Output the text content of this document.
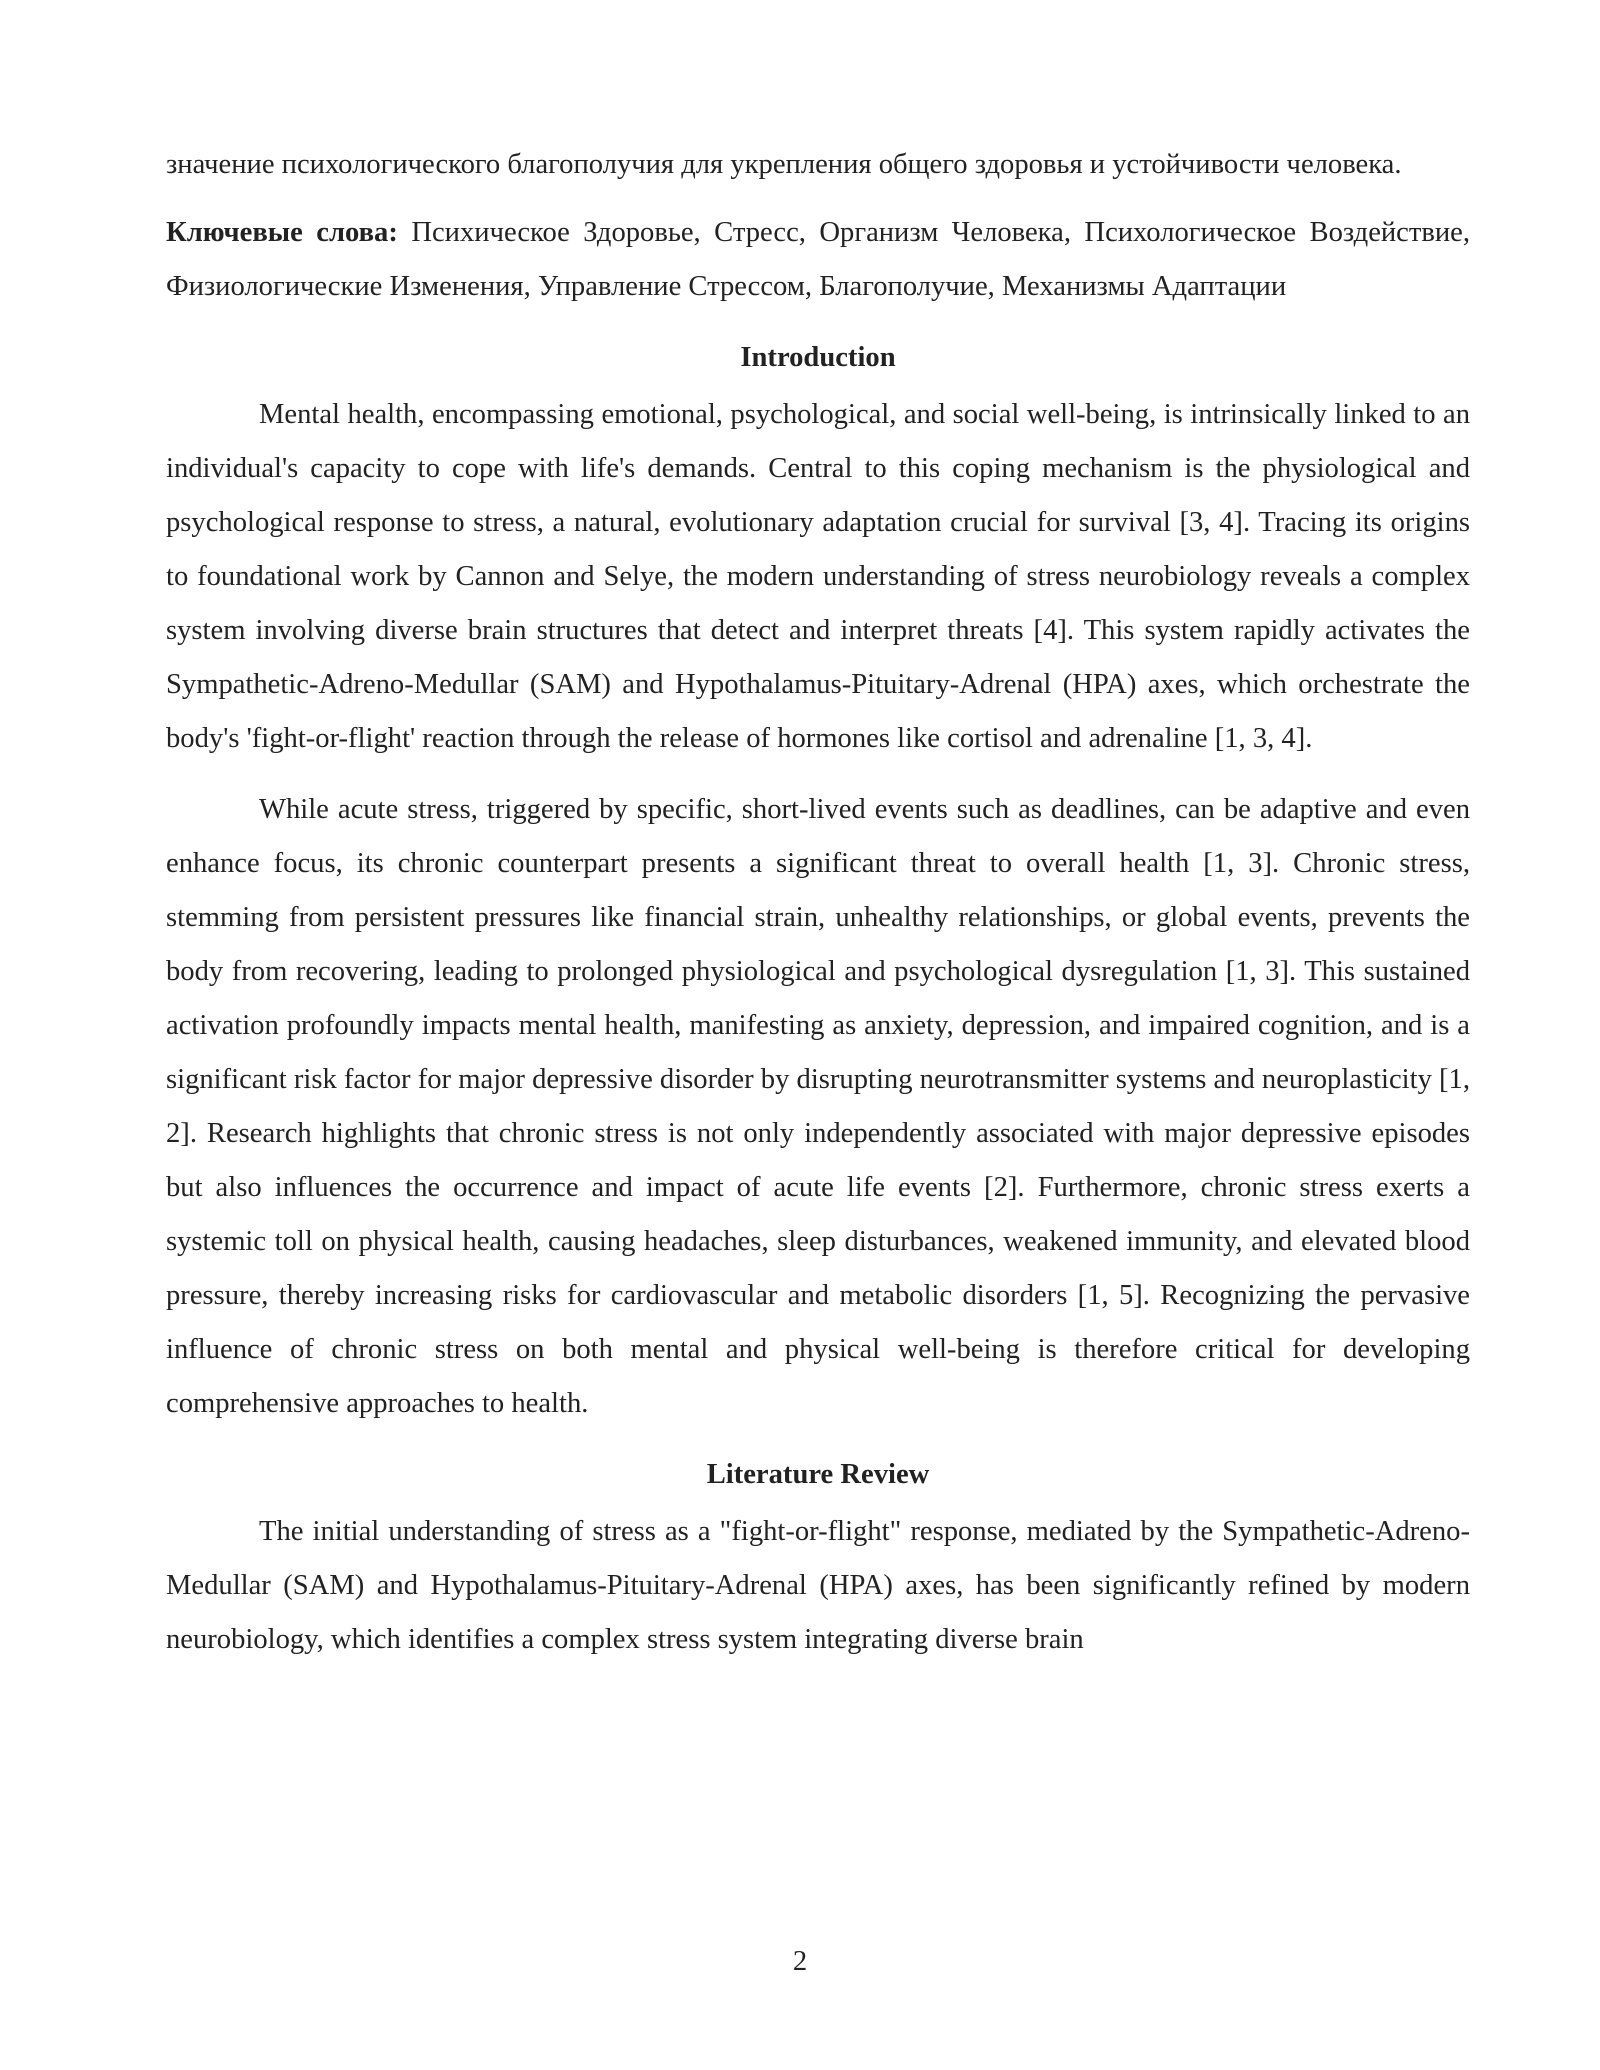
значение психологического благополучия для укрепления общего здоровья и устойчивости человека.

Ключевые слова: Психическое Здоровье, Стресс, Организм Человека, Психологическое Воздействие, Физиологические Изменения, Управление Стрессом, Благополучие, Механизмы Адаптации

Introduction

Mental health, encompassing emotional, psychological, and social well-being, is intrinsically linked to an individual's capacity to cope with life's demands. Central to this coping mechanism is the physiological and psychological response to stress, a natural, evolutionary adaptation crucial for survival [3, 4]. Tracing its origins to foundational work by Cannon and Selye, the modern understanding of stress neurobiology reveals a complex system involving diverse brain structures that detect and interpret threats [4]. This system rapidly activates the Sympathetic-Adreno-Medullar (SAM) and Hypothalamus-Pituitary-Adrenal (HPA) axes, which orchestrate the body's 'fight-or-flight' reaction through the release of hormones like cortisol and adrenaline [1, 3, 4].

While acute stress, triggered by specific, short-lived events such as deadlines, can be adaptive and even enhance focus, its chronic counterpart presents a significant threat to overall health [1, 3]. Chronic stress, stemming from persistent pressures like financial strain, unhealthy relationships, or global events, prevents the body from recovering, leading to prolonged physiological and psychological dysregulation [1, 3]. This sustained activation profoundly impacts mental health, manifesting as anxiety, depression, and impaired cognition, and is a significant risk factor for major depressive disorder by disrupting neurotransmitter systems and neuroplasticity [1, 2]. Research highlights that chronic stress is not only independently associated with major depressive episodes but also influences the occurrence and impact of acute life events [2]. Furthermore, chronic stress exerts a systemic toll on physical health, causing headaches, sleep disturbances, weakened immunity, and elevated blood pressure, thereby increasing risks for cardiovascular and metabolic disorders [1, 5]. Recognizing the pervasive influence of chronic stress on both mental and physical well-being is therefore critical for developing comprehensive approaches to health.

Literature Review

The initial understanding of stress as a "fight-or-flight" response, mediated by the Sympathetic-Adreno-Medullar (SAM) and Hypothalamus-Pituitary-Adrenal (HPA) axes, has been significantly refined by modern neurobiology, which identifies a complex stress system integrating diverse brain

2
